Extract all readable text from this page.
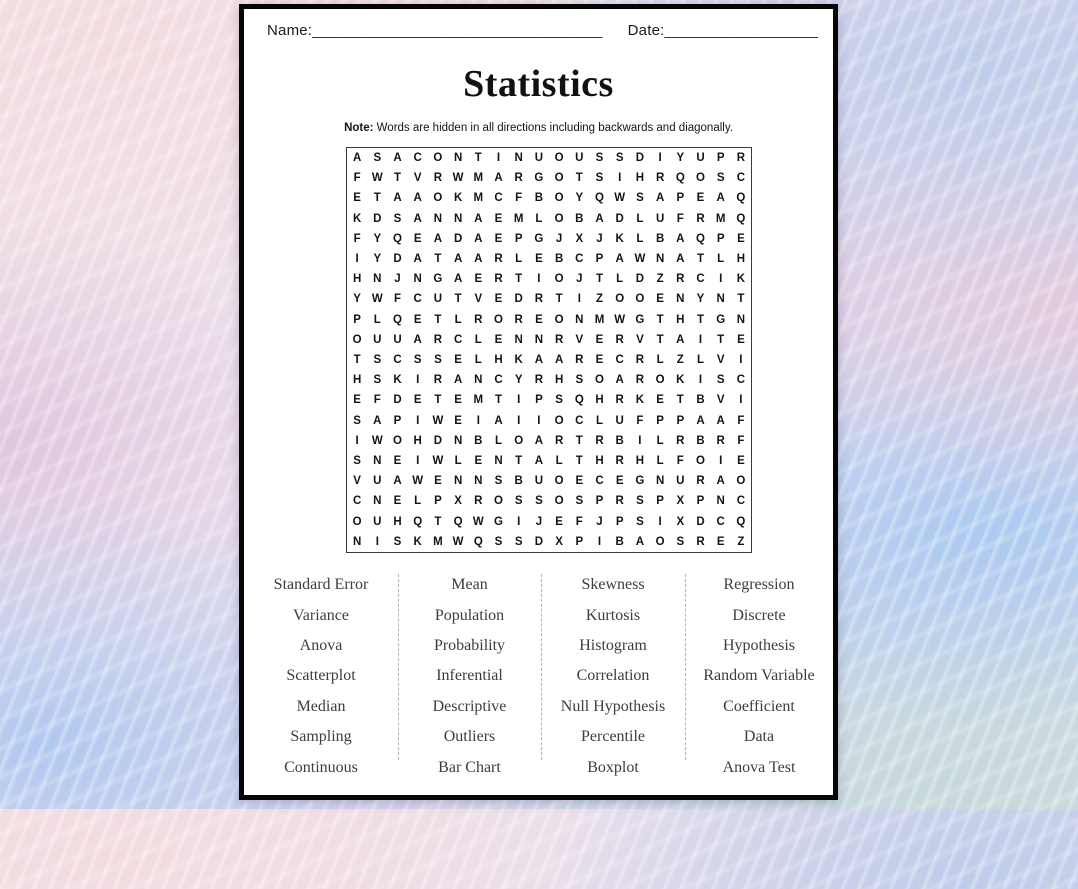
Name: __________________________________ Date: __________________
Statistics
Note: Words are hidden in all directions including backwards and diagonally.
A	S	A	C	O	N	T	I	N	U	O	U	S	S	D	I	Y	U	P	R
F W T	V	R W M A	R	G O	T	S	I	H	R	Q O	S	C
E	T	A	A	O	K M C	F	B	O	Y	Q W S	A	P	E	A	Q
K	D	S	A	N	N	A	E	M	L	O	B	A	D	L	U	F	R M Q
F	Y	Q	E	A	D	A	E	P	G	J	X	J	K	L	B	A	Q	P	E
I	Y	D	A	T	A	A	R	L	E	B	C	P	A W N	A	T	L	H
H	N	J	N	G	A	E	R	T	I	O	J	T	L	D	Z	R	C	I	K
Y W F	C	U	T	V	E	D	R	T	I	Z	O O	E	N	Y	N	T
P	L	Q	E	T	L	R	O	R	E	O	N M W G	T	H	T	G	N
O	U	U	A	R	C	L	E	N	N	R	V	E	R	V	T	A	I	T	E
T	S	C	S	S	E	L	H	K	A	A	R	E	C	R	L	Z	L	V	I
H	S	K	I	R	A	N	C	Y	R	H	S	O	A	R	O	K	I	S	C
E	F	D	E	T	E	M	T	I	P	S	Q	H	R	K	E	T	B	V	I
S	A	P	I	W E	I	A	I	I	O	C	L	U	F	P	P	A	A	F
I	W O	H	D	N	B	L	O	A	R	T	R	B	I	L	R	B	R	F
S	N	E	I	W L	E	N	T	A	L	T	H	R	H	L	F	O	I	E
V	U	A W E	N	N	S	B	U	O	E	C	E	G	N	U	R	A	O
C	N	E	L	P	X	R	O	S	S	O	S	P	R	S	P	X	P	N	C
O	U	H	Q	T	Q W G	I	J	E	F	J	P	S	I	X	D	C	Q
N	I	S	K M W Q	S	S	D	X	P	I	B	A	O	S	R	E	Z
Standard Error	Mean	Skewness	Regression
Variance	Population	Kurtosis	Discrete
Anova	Probability	Histogram	Hypothesis
Scatterplot	Inferential	Correlation	Random Variable
Median	Descriptive	Null Hypothesis	Coefficient
Sampling	Outliers	Percentile	Data
Continuous	Bar Chart	Boxplot	Anova Test
